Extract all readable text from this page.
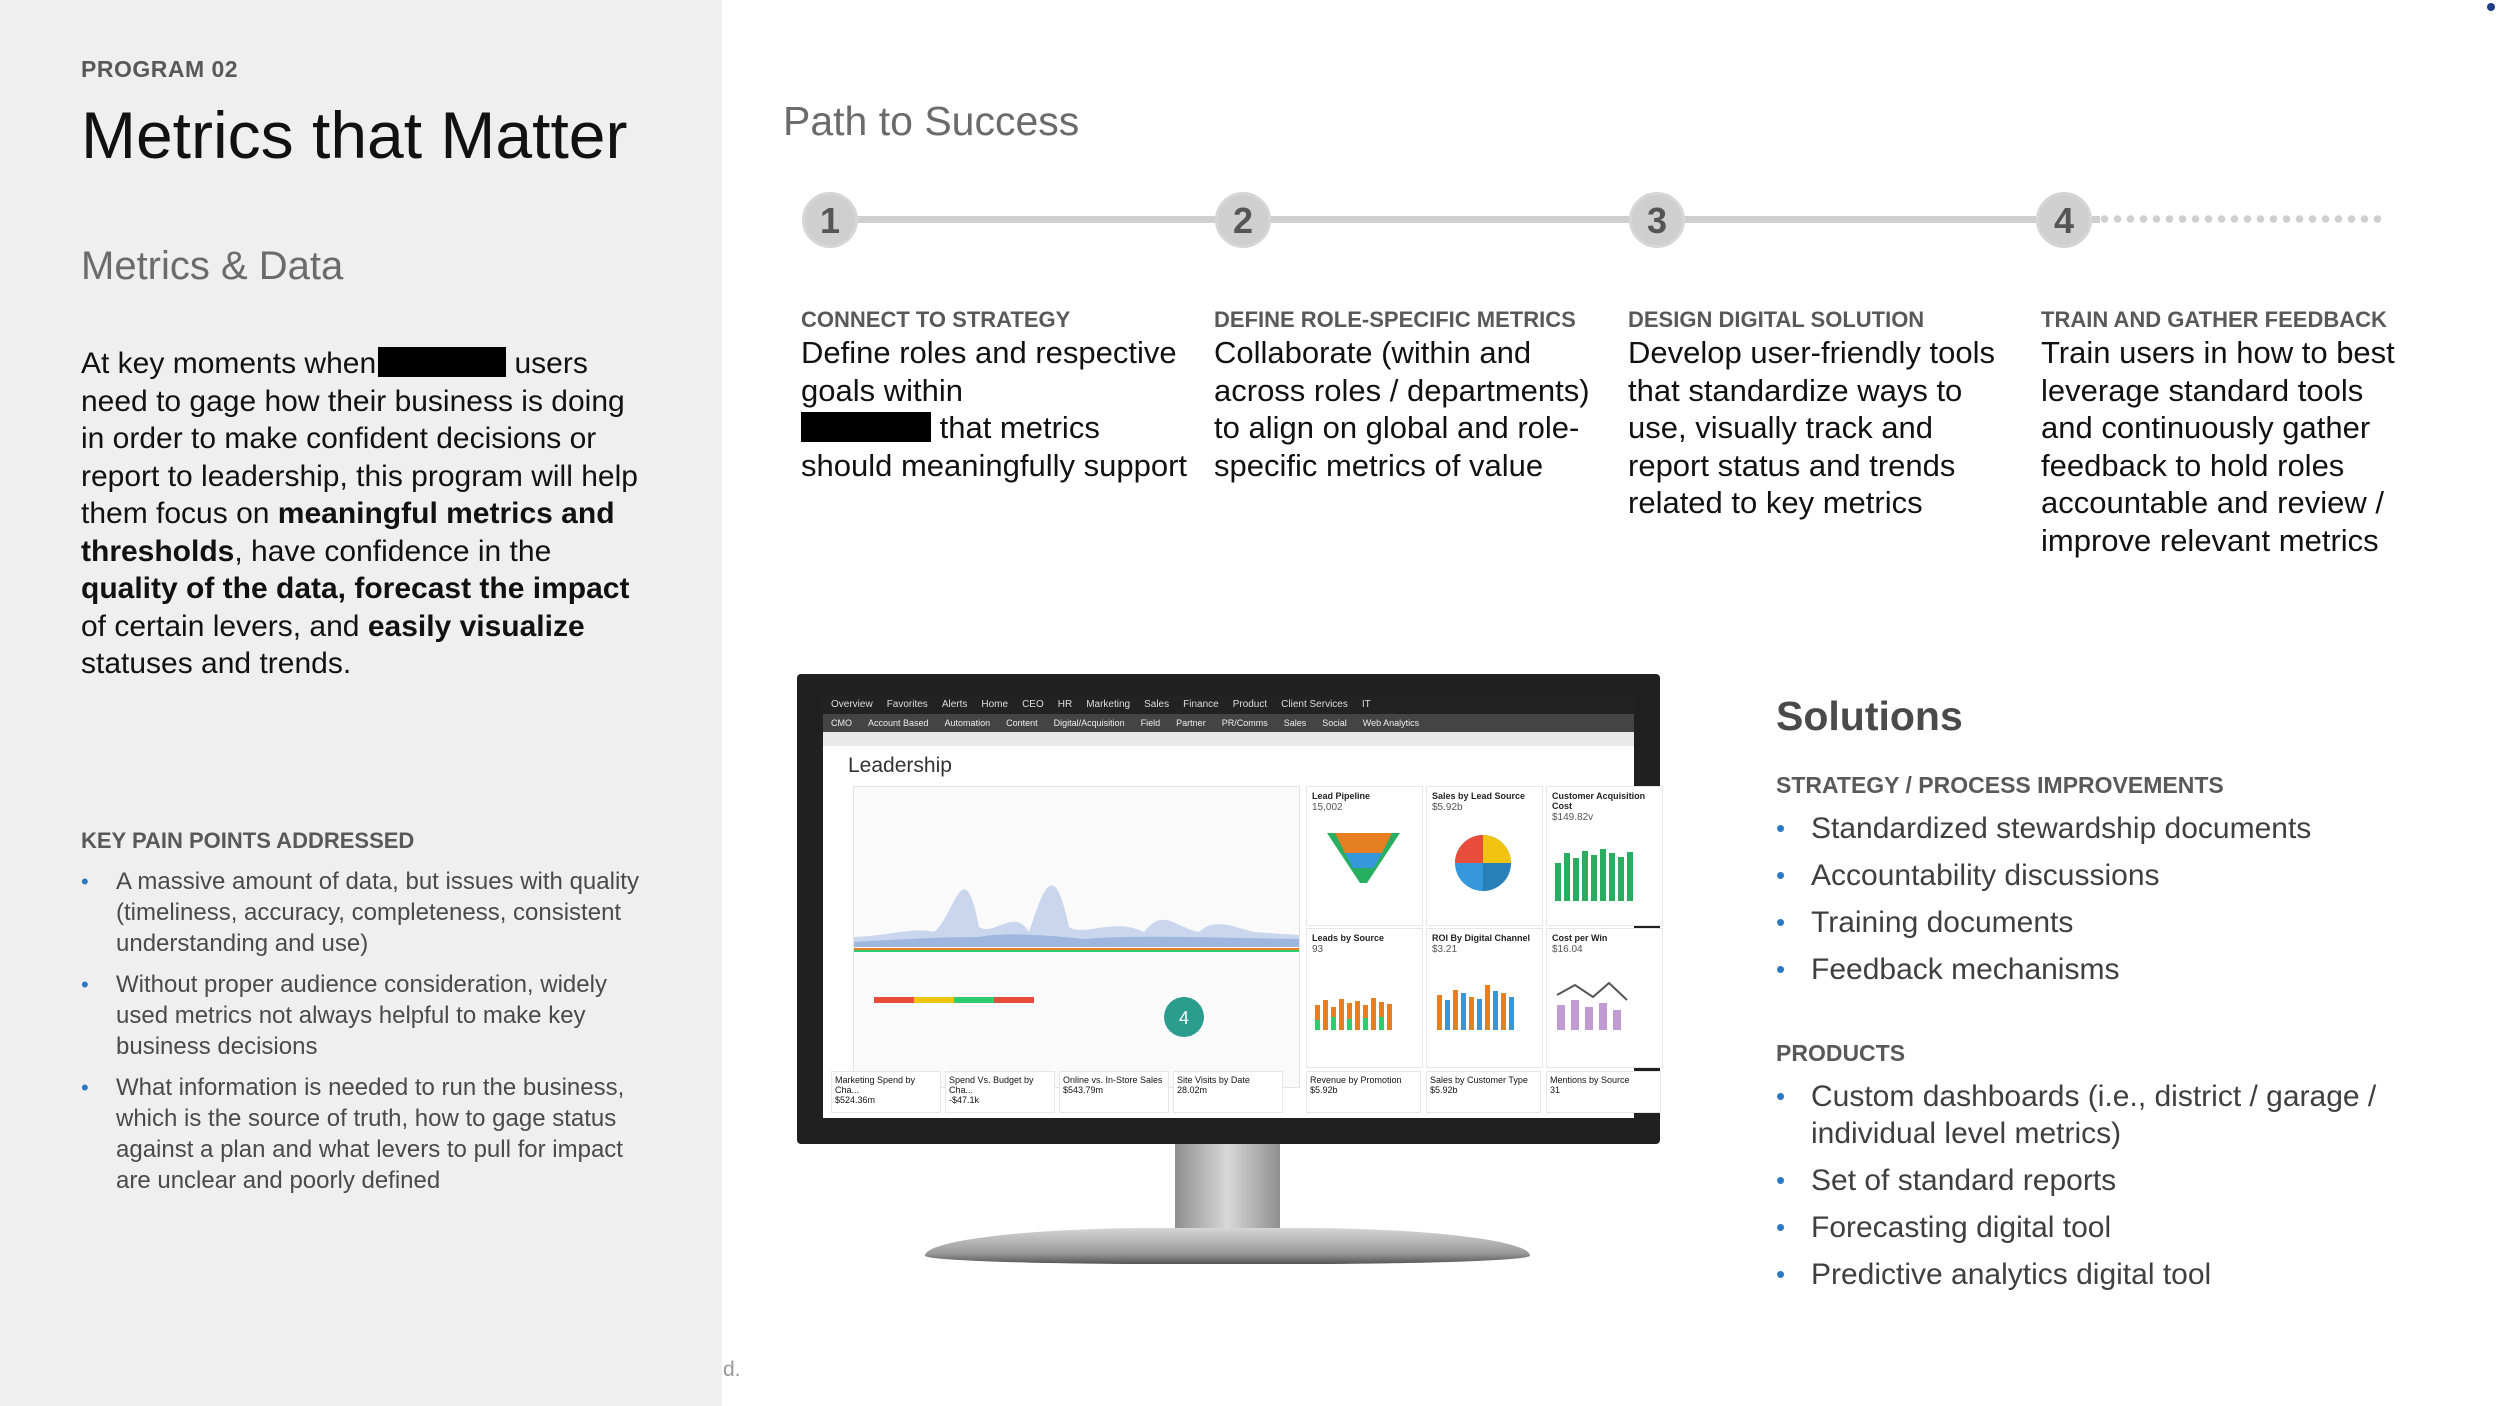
PROGRAM 02
Metrics that Matter
Metrics & Data
At key moments when	users need to gage how their business is doing in order to make confident decisions or report to leadership, this program will help them focus on meaningful metrics and thresholds, have confidence in the quality of the data, forecast the impact of certain levers, and easily visualize statuses and trends.
KEY PAIN POINTS ADDRESSED
• A massive amount of data, but issues with quality (timeliness, accuracy, completeness, consistent understanding and use)
• Without proper audience consideration, widely used metrics not always helpful to make key business decisions
• What information is needed to run the business, which is the source of truth, how to gage status against a plan and what levers to pull for impact are unclear and poorly defined
d.
Path to Success
1	2	3	4
CONNECT TO STRATEGY
Define roles and respective goals within
that metrics should meaningfully support
DEFINE ROLE-SPECIFIC METRICS
Collaborate (within and across roles / departments) to align on global and role-specific metrics of value
DESIGN DIGITAL SOLUTION
Develop user-friendly tools that standardize ways to use, visually track and report status and trends related to key metrics
TRAIN AND GATHER FEEDBACK
Train users in how to best leverage standard tools and continuously gather feedback to hold roles accountable and review / improve relevant metrics
Overview Favorites Alerts Home CEO HR Marketing Sales Finance Product Client Services IT
CMO Account Based Automation Content Digital/Acquisition Field Partner PR/Comms Sales Social Web Analytics
Leadership
4
Lead Pipeline
15,002
Sales by Lead Source
$5.92b
Customer Acquisition Cost
$149.82v
Leads by Source
93
ROI By Digital Channel
$3.21
Cost per Win
$16.04
Marketing Spend by Cha...
$524.36m
Spend Vs. Budget by Cha...
-$47.1k
Online vs. In-Store Sales
$543.79m
Site Visits by Date
28.02m
Revenue by Promotion
$5.92b
Sales by Customer Type
$5.92b
Mentions by Source
31
Solutions
STRATEGY / PROCESS IMPROVEMENTS
• Standardized stewardship documents
• Accountability discussions
• Training documents
• Feedback mechanisms
PRODUCTS
• Custom dashboards (i.e., district / garage / individual level metrics)
• Set of standard reports
• Forecasting digital tool
• Predictive analytics digital tool
